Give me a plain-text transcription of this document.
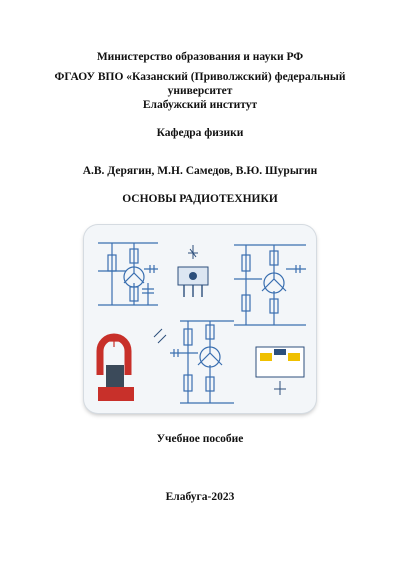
Министерство образования и науки РФ
ФГАОУ ВПО «Казанский (Приволжский) федеральный
университет
Елабужский институт
Кафедра физики
А.В. Дерягин, М.Н. Самедов, В.Ю. Шурыгин
ОСНОВЫ РАДИОТЕХНИКИ
Учебное пособие
Елабуга-2023
